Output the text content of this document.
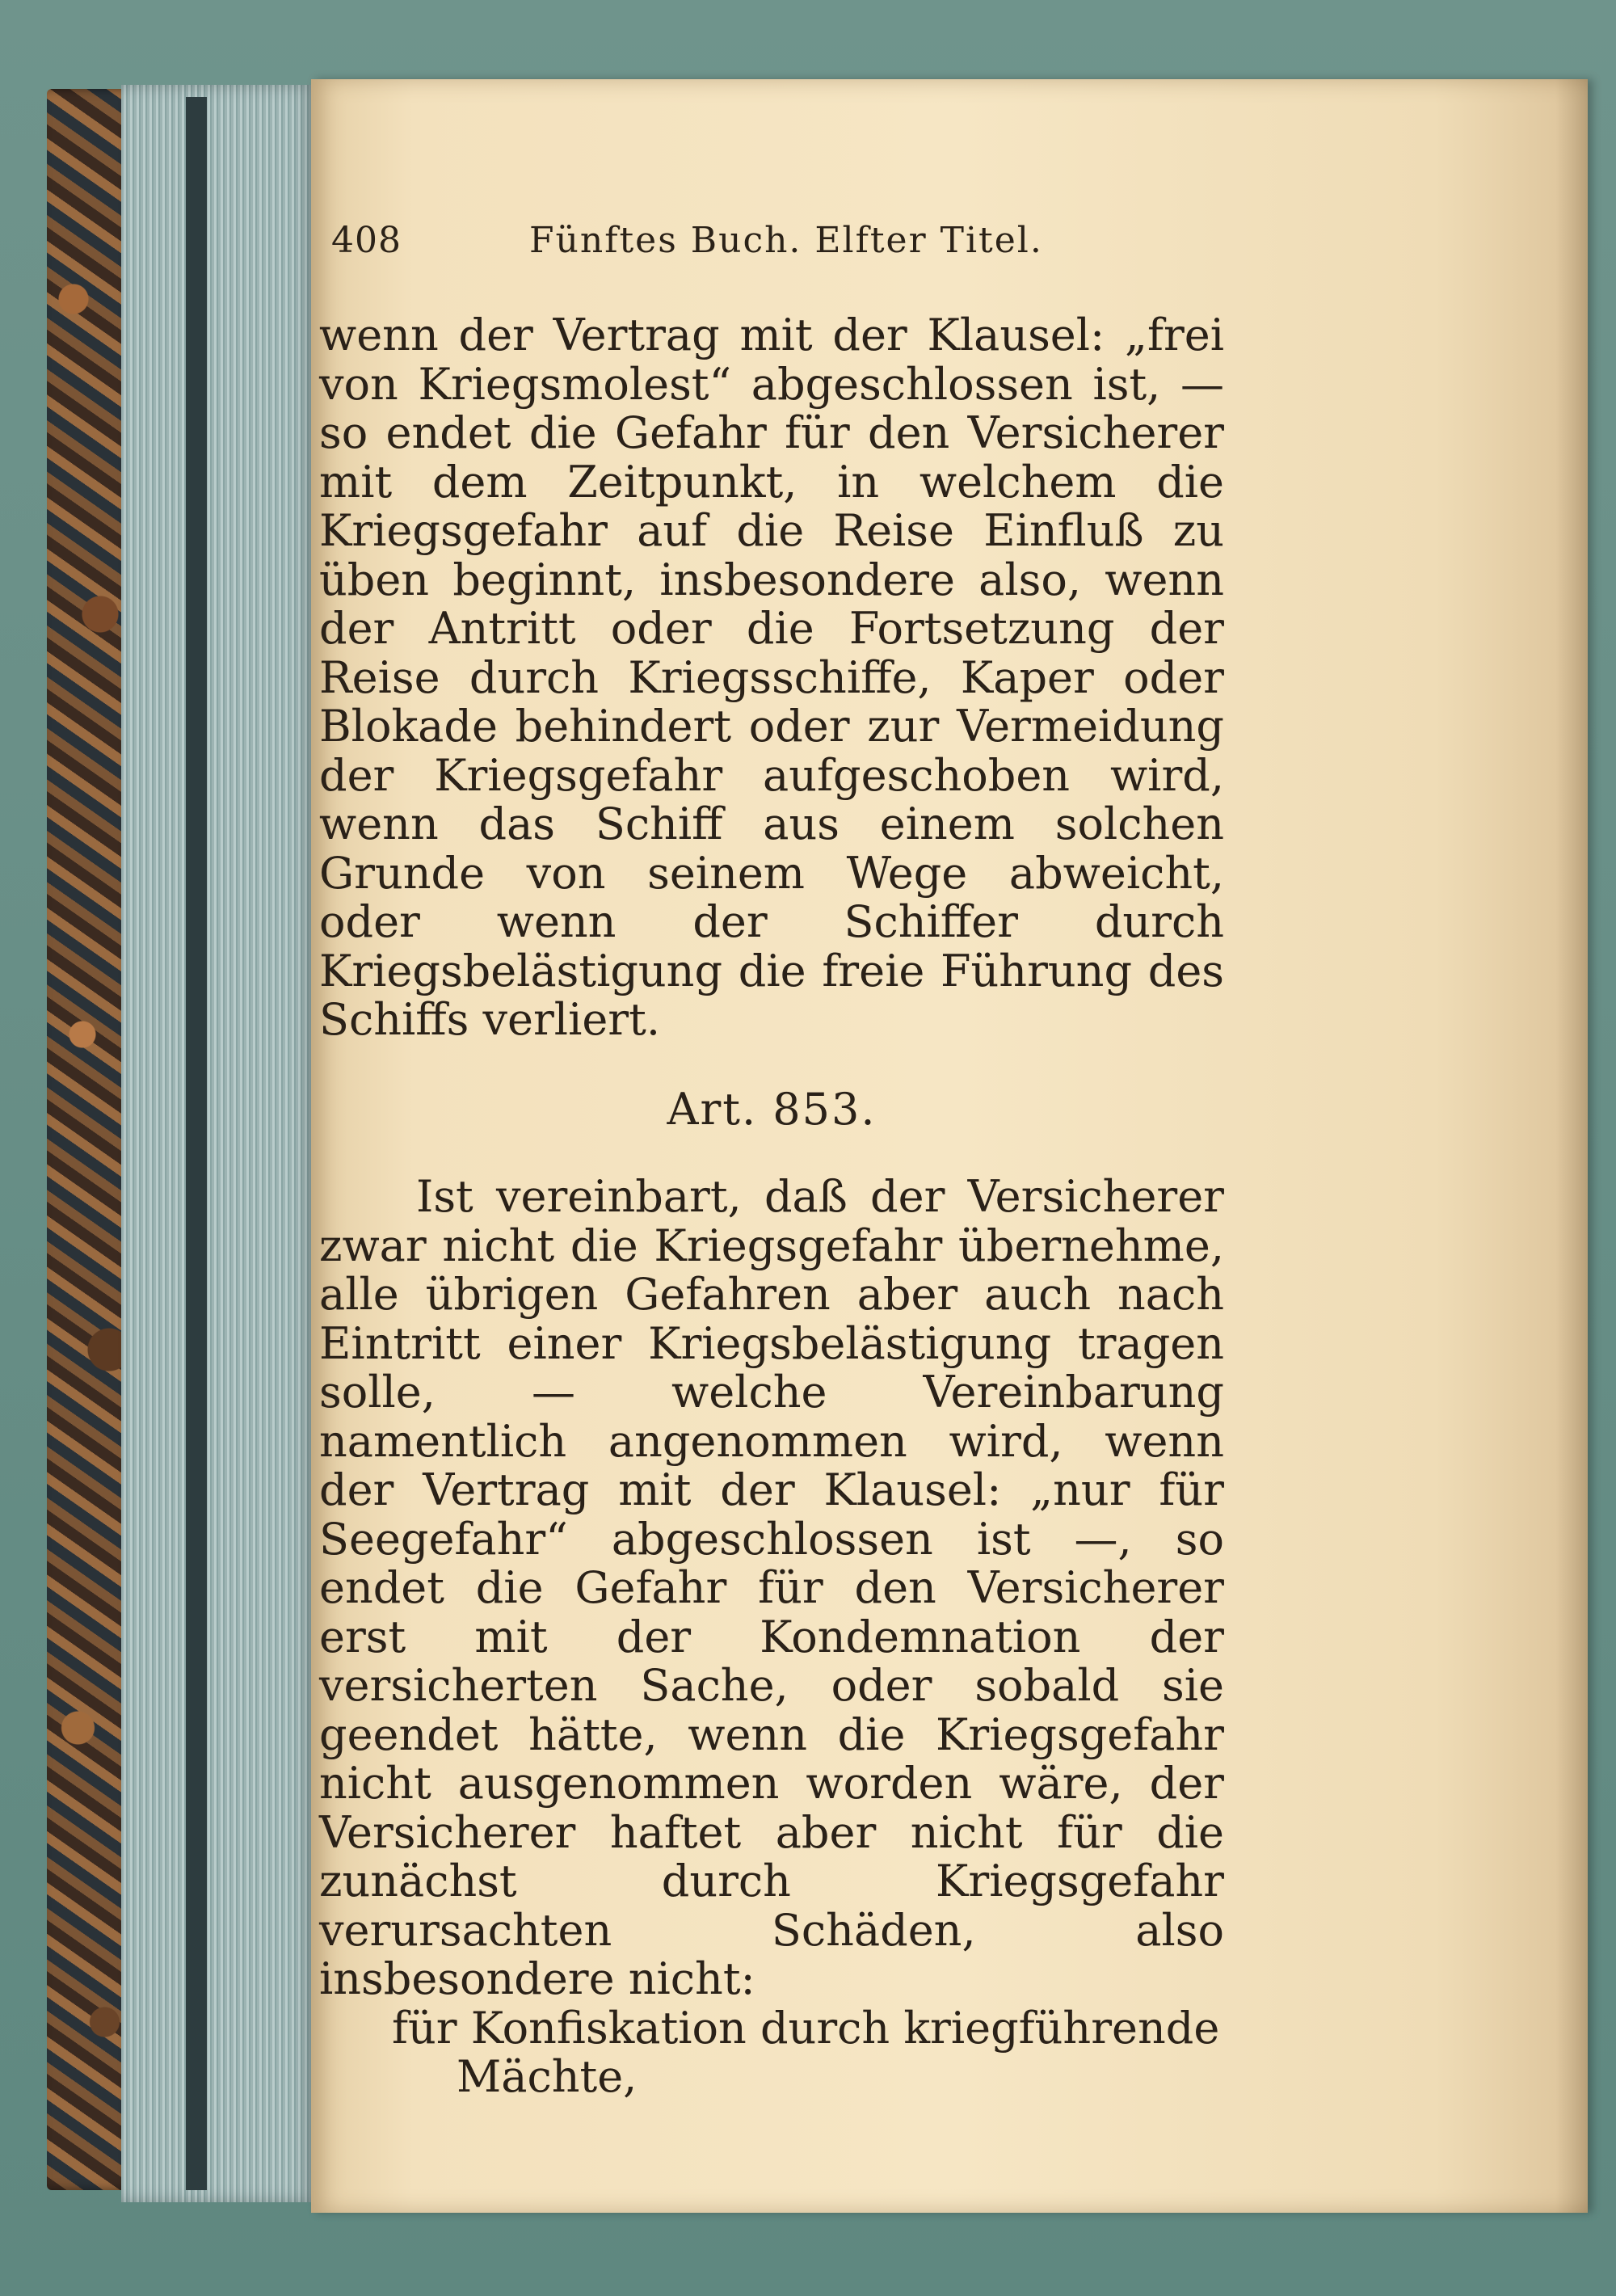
408	Fünftes Buch. Elfter Titel.

wenn der Vertrag mit der Klausel: „frei von Kriegsmolest“ abgeschlossen ist, — so endet die Gefahr für den Versicherer mit dem Zeitpunkt, in welchem die Kriegsgefahr auf die Reise Einfluß zu üben beginnt, insbesondere also, wenn der Antritt oder die Fortsetzung der Reise durch Kriegsschiffe, Kaper oder Blokade behindert oder zur Vermeidung der Kriegsgefahr aufgeschoben wird, wenn das Schiff aus einem solchen Grunde von seinem Wege abweicht, oder wenn der Schiffer durch Kriegsbelästigung die freie Führung des Schiffs verliert.

Art. 853.

Ist vereinbart, daß der Versicherer zwar nicht die Kriegsgefahr übernehme, alle übrigen Gefahren aber auch nach Eintritt einer Kriegsbelästigung tragen solle, — welche Vereinbarung namentlich angenommen wird, wenn der Vertrag mit der Klausel: „nur für Seegefahr“ abgeschlossen ist —, so endet die Gefahr für den Versicherer erst mit der Kondemnation der versicherten Sache, oder sobald sie geendet hätte, wenn die Kriegsgefahr nicht ausgenommen worden wäre, der Versicherer haftet aber nicht für die zunächst durch Kriegsgefahr verursachten Schäden, also insbesondere nicht:

für Konfiskation durch kriegführende Mächte,
